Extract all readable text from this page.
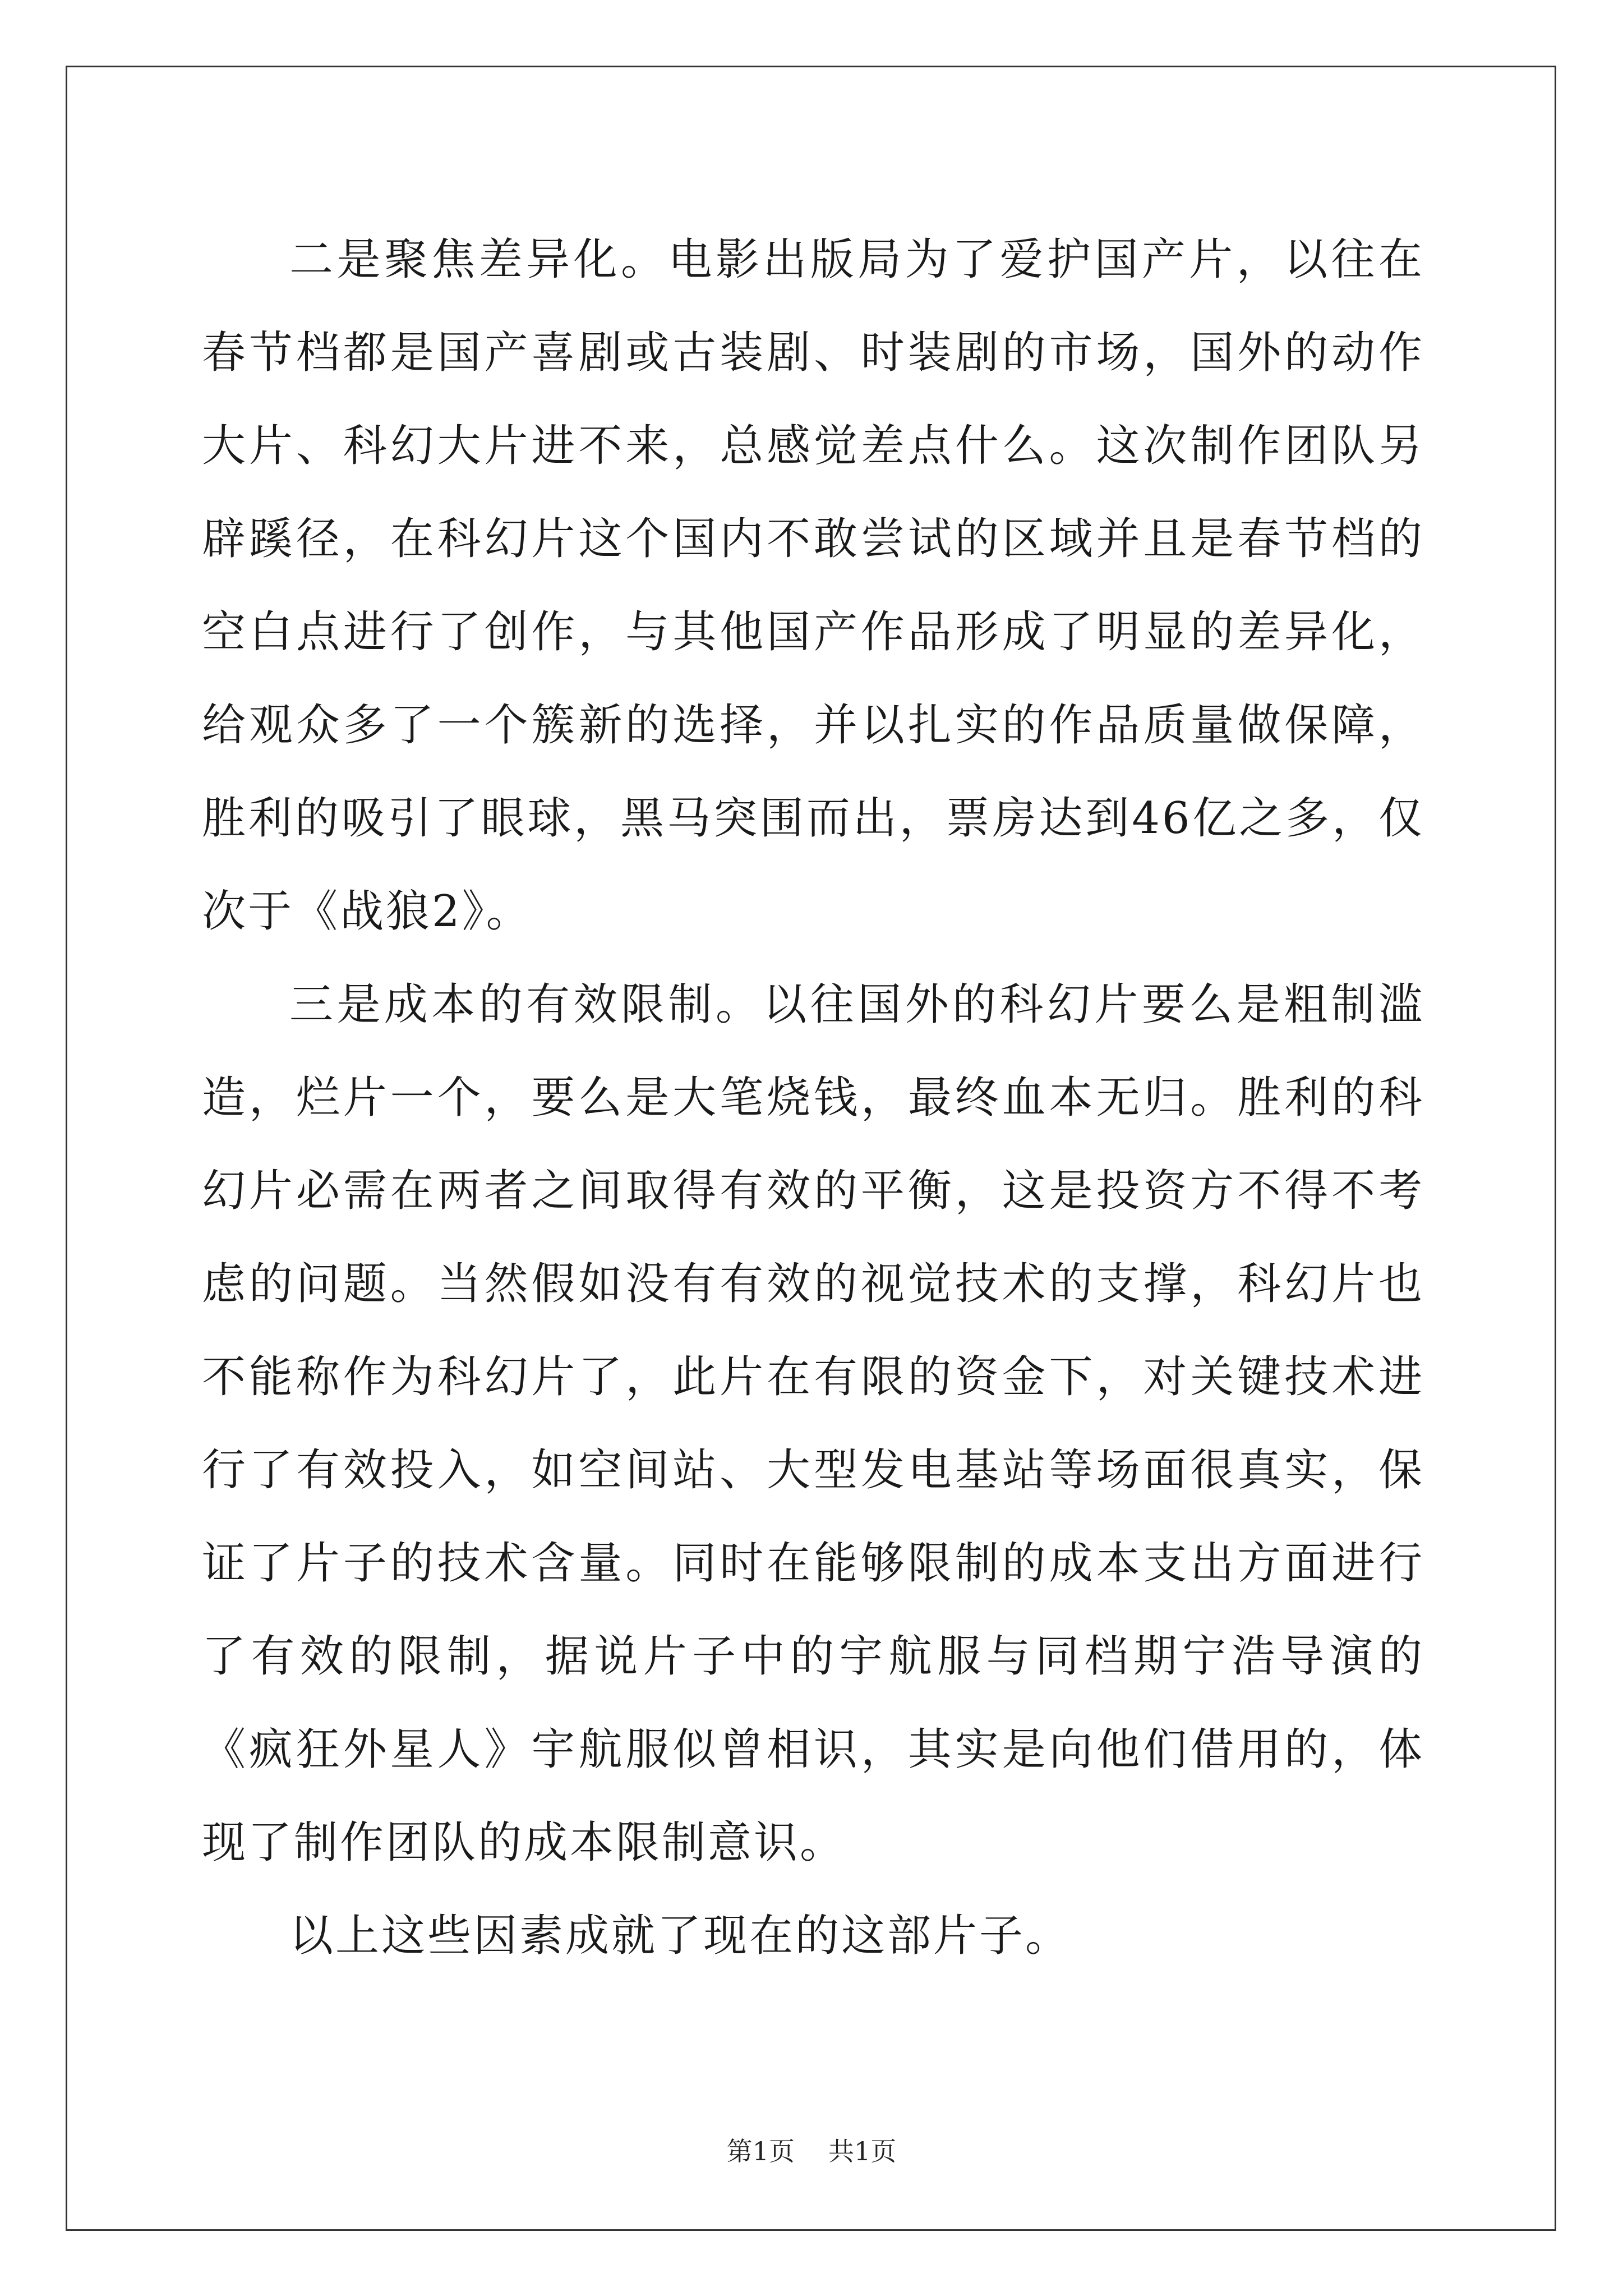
二是聚焦差异化。电影出版局为了爱护国产片，以往在春节档都是国产喜剧或古装剧、时装剧的市场，国外的动作大片、科幻大片进不来，总感觉差点什么。这次制作团队另辟蹊径，在科幻片这个国内不敢尝试的区域并且是春节档的空白点进行了创作，与其他国产作品形成了明显的差异化，给观众多了一个簇新的选择，并以扎实的作品质量做保障，胜利的吸引了眼球，黑马突围而出，票房达到46亿之多，仅次于《战狼2》。

三是成本的有效限制。以往国外的科幻片要么是粗制滥造，烂片一个，要么是大笔烧钱，最终血本无归。胜利的科幻片必需在两者之间取得有效的平衡，这是投资方不得不考虑的问题。当然假如没有有效的视觉技术的支撑，科幻片也不能称作为科幻片了，此片在有限的资金下，对关键技术进行了有效投入，如空间站、大型发电基站等场面很真实，保证了片子的技术含量。同时在能够限制的成本支出方面进行了有效的限制，据说片子中的宇航服与同档期宁浩导演的《疯狂外星人》宇航服似曾相识，其实是向他们借用的，体现了制作团队的成本限制意识。

以上这些因素成就了现在的这部片子。

第1页 共1页
